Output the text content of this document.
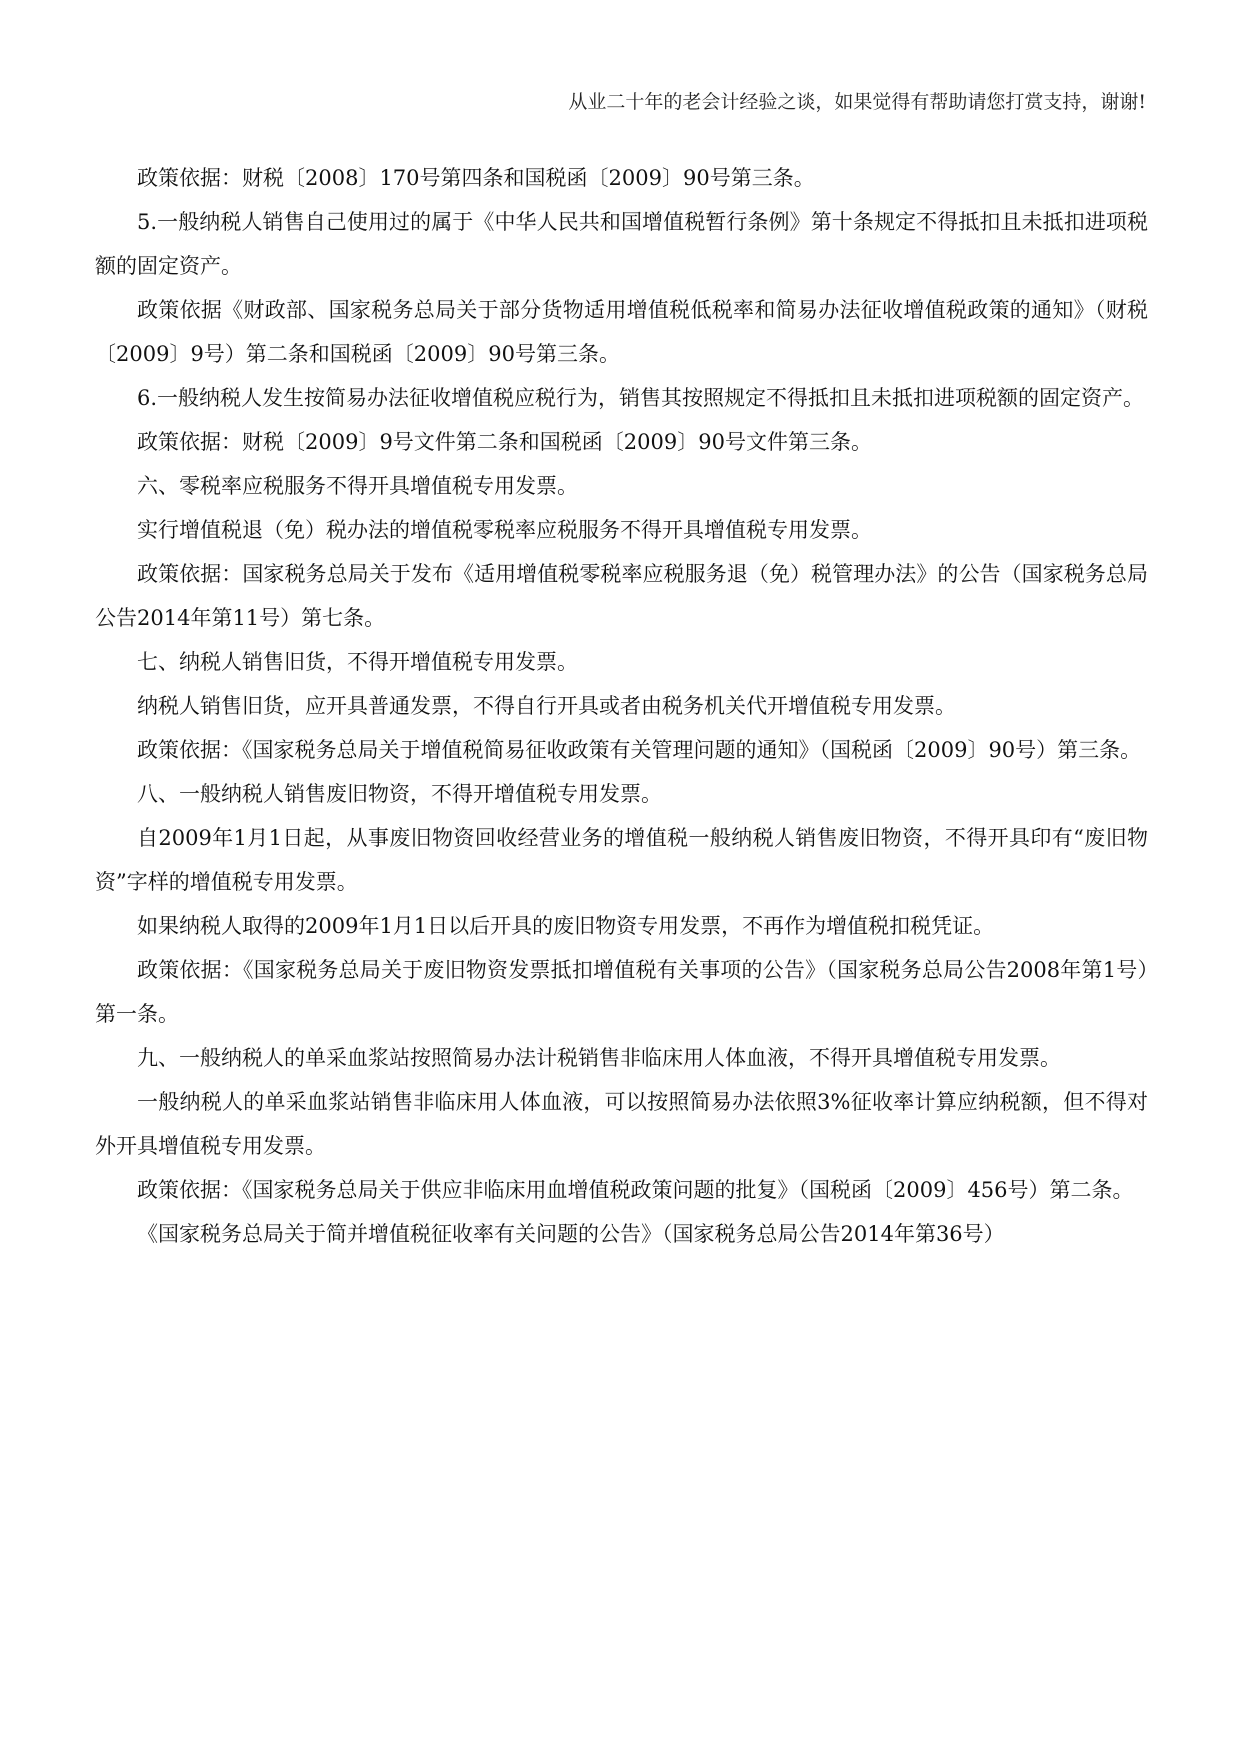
从业二十年的老会计经验之谈，如果觉得有帮助请您打赏支持，谢谢!

政策依据：财税〔2008〕170号第四条和国税函〔2009〕90号第三条。

5.一般纳税人销售自己使用过的属于《中华人民共和国增值税暂行条例》第十条规定不得抵扣且未抵扣进项税额的固定资产。

政策依据《财政部、国家税务总局关于部分货物适用增值税低税率和简易办法征收增值税政策的通知》（财税〔2009〕9号）第二条和国税函〔2009〕90号第三条。

6.一般纳税人发生按简易办法征收增值税应税行为，销售其按照规定不得抵扣且未抵扣进项税额的固定资产。

政策依据：财税〔2009〕9号文件第二条和国税函〔2009〕90号文件第三条。

六、零税率应税服务不得开具增值税专用发票。

实行增值税退（免）税办法的增值税零税率应税服务不得开具增值税专用发票。

政策依据：国家税务总局关于发布《适用增值税零税率应税服务退（免）税管理办法》的公告（国家税务总局公告2014年第11号）第七条。

七、纳税人销售旧货，不得开增值税专用发票。

纳税人销售旧货，应开具普通发票，不得自行开具或者由税务机关代开增值税专用发票。

政策依据：《国家税务总局关于增值税简易征收政策有关管理问题的通知》（国税函〔2009〕90号）第三条。

八、一般纳税人销售废旧物资，不得开增值税专用发票。

自2009年1月1日起，从事废旧物资回收经营业务的增值税一般纳税人销售废旧物资，不得开具印有“废旧物资”字样的增值税专用发票。

如果纳税人取得的2009年1月1日以后开具的废旧物资专用发票，不再作为增值税扣税凭证。

政策依据：《国家税务总局关于废旧物资发票抵扣增值税有关事项的公告》（国家税务总局公告2008年第1号）第一条。

九、一般纳税人的单采血浆站按照简易办法计税销售非临床用人体血液，不得开具增值税专用发票。

一般纳税人的单采血浆站销售非临床用人体血液，可以按照简易办法依照3%征收率计算应纳税额，但不得对外开具增值税专用发票。

政策依据：《国家税务总局关于供应非临床用血增值税政策问题的批复》（国税函〔2009〕456号）第二条。

《国家税务总局关于简并增值税征收率有关问题的公告》（国家税务总局公告2014年第36号）
